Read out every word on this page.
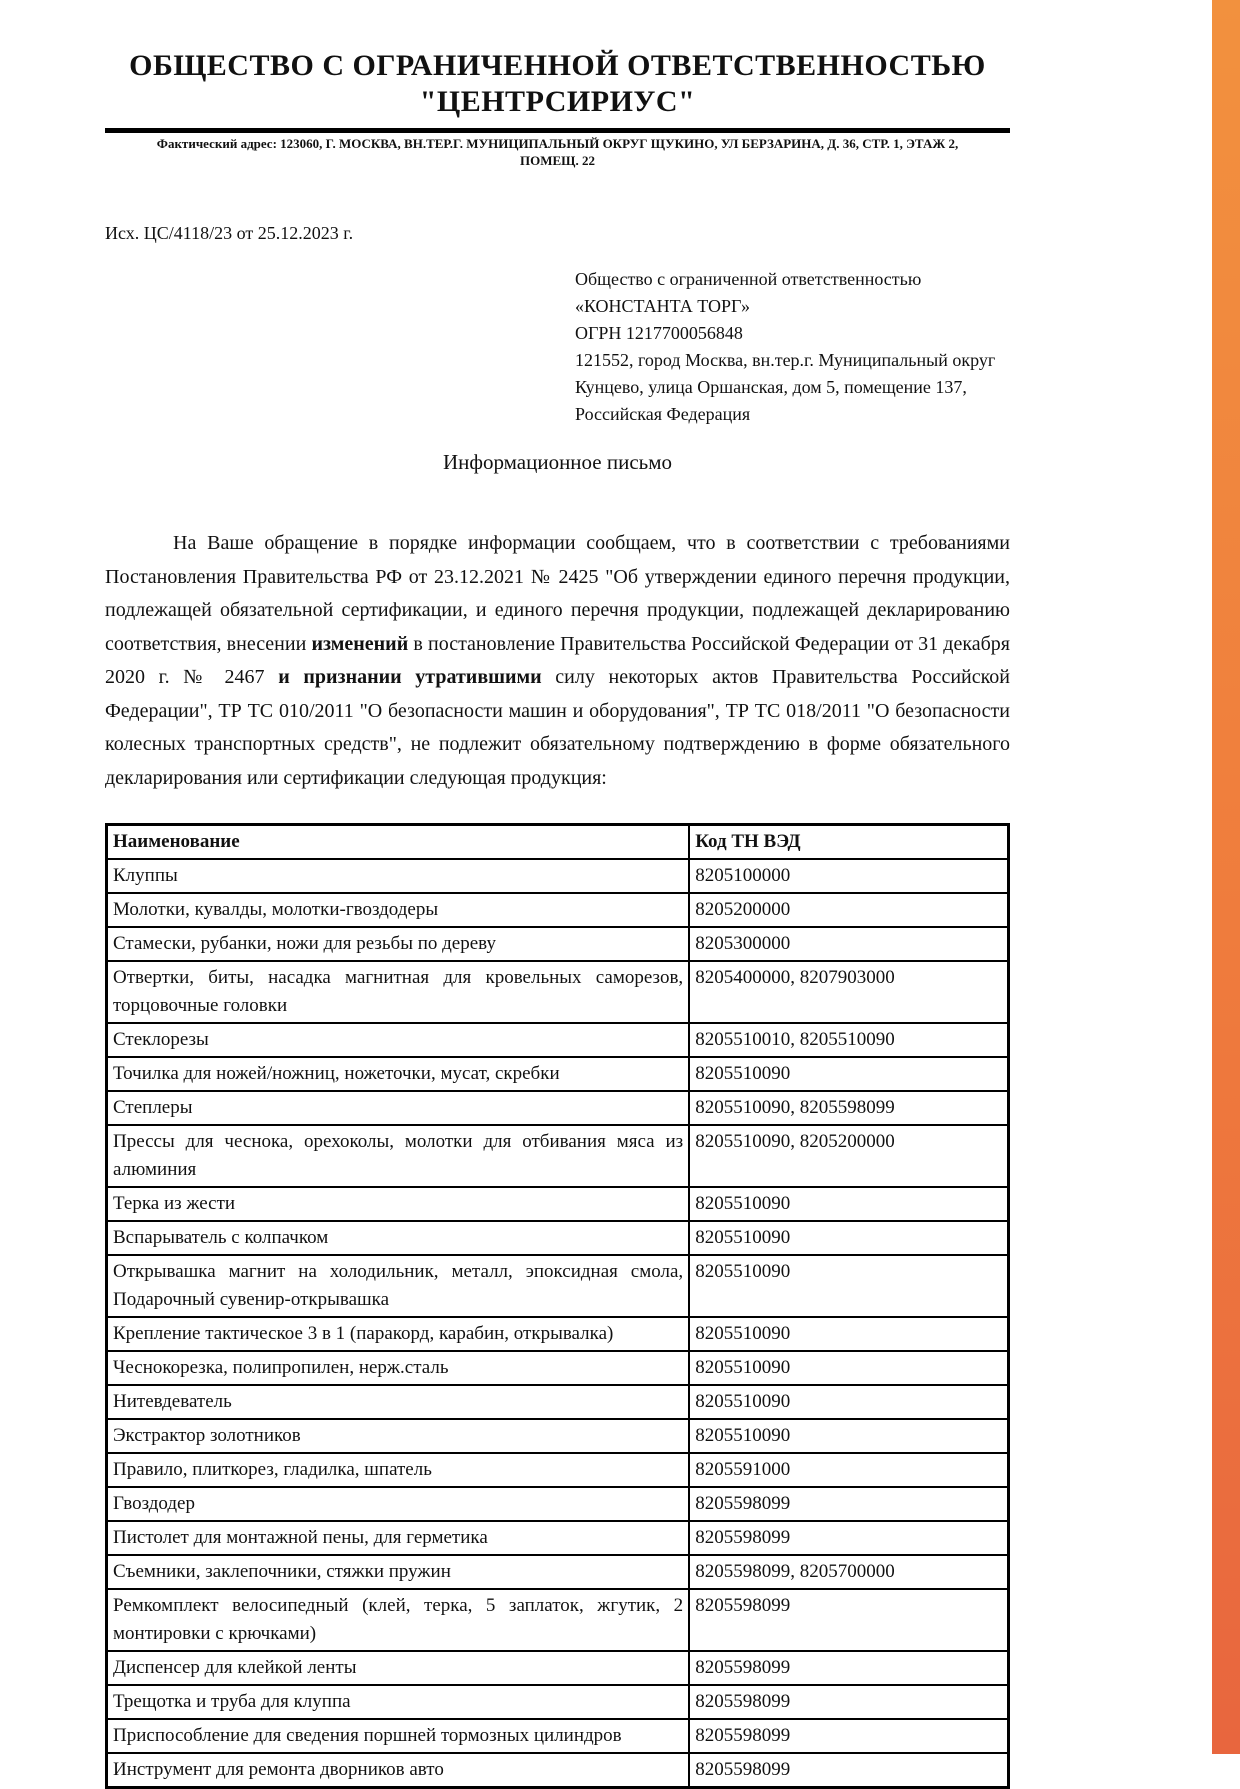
ОБЩЕСТВО С ОГРАНИЧЕННОЙ ОТВЕТСТВЕННОСТЬЮ
"ЦЕНТРСИРИУС"
Фактический адрес: 123060, Г. МОСКВА, ВН.ТЕР.Г. МУНИЦИПАЛЬНЫЙ ОКРУГ ЩУКИНО, УЛ БЕРЗАРИНА, Д. 36, СТР. 1, ЭТАЖ 2, ПОМЕЩ. 22
Исх. ЦС/4118/23 от 25.12.2023 г.
Общество с ограниченной ответственностью
«КОНСТАНТА ТОРГ»
ОГРН 1217700056848
121552, город Москва, вн.тер.г. Муниципальный округ
Кунцево, улица Оршанская, дом 5, помещение 137,
Российская Федерация
Информационное письмо
На Ваше обращение в порядке информации сообщаем, что в соответствии с требованиями Постановления Правительства РФ от 23.12.2021 № 2425 "Об утверждении единого перечня продукции, подлежащей обязательной сертификации, и единого перечня продукции, подлежащей декларированию соответствия, внесении изменений в постановление Правительства Российской Федерации от 31 декабря 2020 г. № 2467 и признании утратившими силу некоторых актов Правительства Российской Федерации", ТР ТС 010/2011 "О безопасности машин и оборудования", ТР ТС 018/2011 "О безопасности колесных транспортных средств", не подлежит обязательному подтверждению в форме обязательного декларирования или сертификации следующая продукция:
Наименование	Код ТН ВЭД
Клуппы	8205100000
Молотки, кувалды, молотки-гвоздодеры	8205200000
Стамески, рубанки, ножи для резьбы по дереву	8205300000
Отвертки, биты, насадка магнитная для кровельных саморезов, торцовочные головки	8205400000, 8207903000
Стеклорезы	8205510010, 8205510090
Точилка для ножей/ножниц, ножеточки, мусат, скребки	8205510090
Степлеры	8205510090, 8205598099
Прессы для чеснока, орехоколы, молотки для отбивания мяса из алюминия	8205510090, 8205200000
Терка из жести	8205510090
Вспарыватель с колпачком	8205510090
Открывашка магнит на холодильник, металл, эпоксидная смола, Подарочный сувенир-открывашка	8205510090
Крепление тактическое 3 в 1 (паракорд, карабин, открывалка)	8205510090
Чеснокорезка, полипропилен, нерж.сталь	8205510090
Нитевдеватель	8205510090
Экстрактор золотников	8205510090
Правило, плиткорез, гладилка, шпатель	8205591000
Гвоздодер	8205598099
Пистолет для монтажной пены, для герметика	8205598099
Съемники, заклепочники, стяжки пружин	8205598099, 8205700000
Ремкомплект велосипедный (клей, терка, 5 заплаток, жгутик, 2 монтировки с крючками)	8205598099
Диспенсер для клейкой ленты	8205598099
Трещотка и труба для клуппа	8205598099
Приспособление для сведения поршней тормозных цилиндров	8205598099
Инструмент для ремонта дворников авто	8205598099
